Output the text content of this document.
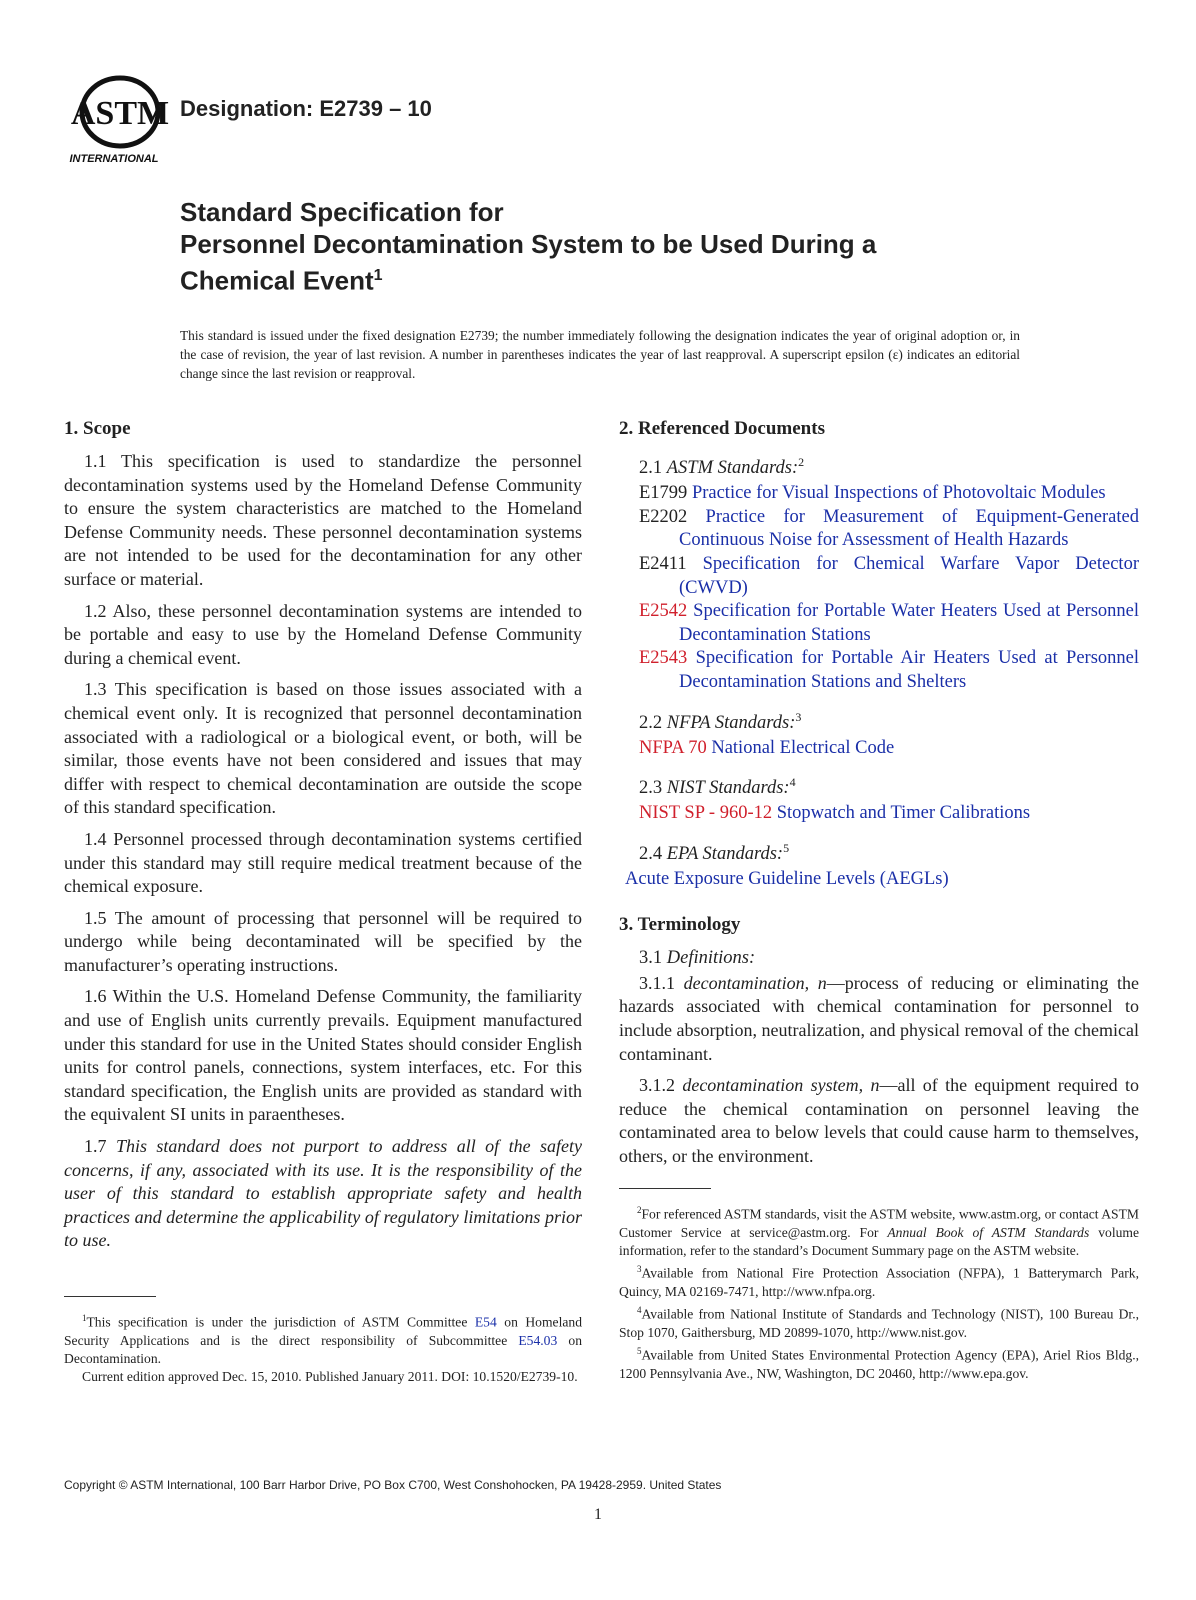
ASTM
INTERNATIONAL
Designation: E2739 – 10
Standard Specification for
Personnel Decontamination System to be Used During a
Chemical Event$^1$
This standard is issued under the fixed designation E2739; the number immediately following the designation indicates the year of original adoption or, in the case of revision, the year of last revision. A number in parentheses indicates the year of last reapproval. A superscript epsilon (ε) indicates an editorial change since the last revision or reapproval.
1. Scope

1.1 This specification is used to standardize the personnel decontamination systems used by the Homeland Defense Community to ensure the system characteristics are matched to the Homeland Defense Community needs. These personnel decontamination systems are not intended to be used for the decontamination for any other surface or material.

1.2 Also, these personnel decontamination systems are intended to be portable and easy to use by the Homeland Defense Community during a chemical event.

1.3 This specification is based on those issues associated with a chemical event only. It is recognized that personnel decontamination associated with a radiological or a biological event, or both, will be similar, those events have not been considered and issues that may differ with respect to chemical decontamination are outside the scope of this standard specification.

1.4 Personnel processed through decontamination systems certified under this standard may still require medical treatment because of the chemical exposure.

1.5 The amount of processing that personnel will be required to undergo while being decontaminated will be specified by the manufacturer’s operating instructions.

1.6 Within the U.S. Homeland Defense Community, the familiarity and use of English units currently prevails. Equipment manufactured under this standard for use in the United States should consider English units for control panels, connections, system interfaces, etc. For this standard specification, the English units are provided as standard with the equivalent SI units in paraentheses.

1.7 This standard does not purport to address all of the safety concerns, if any, associated with its use. It is the responsibility of the user of this standard to establish appropriate safety and health practices and determine the applicability of regulatory limitations prior to use.

$^1$This specification is under the jurisdiction of ASTM Committee E54 on Homeland Security Applications and is the direct responsibility of Subcommittee E54.03 on Decontamination.

Current edition approved Dec. 15, 2010. Published January 2011. DOI: 10.1520/E2739-10.

2. Referenced Documents
2.1 ASTM Standards:$^2$
E1799 Practice for Visual Inspections of Photovoltaic Modules
E2202 Practice for Measurement of Equipment-Generated Continuous Noise for Assessment of Health Hazards
E2411 Specification for Chemical Warfare Vapor Detector (CWVD)
E2542 Specification for Portable Water Heaters Used at Personnel Decontamination Stations
E2543 Specification for Portable Air Heaters Used at Personnel Decontamination Stations and Shelters
2.2 NFPA Standards:$^3$
NFPA 70 National Electrical Code
2.3 NIST Standards:$^4$
NIST SP - 960-12 Stopwatch and Timer Calibrations
2.4 EPA Standards:$^5$
Acute Exposure Guideline Levels (AEGLs)
3. Terminology
3.1 Definitions:

3.1.1 decontamination, n—process of reducing or eliminating the hazards associated with chemical contamination for personnel to include absorption, neutralization, and physical removal of the chemical contaminant.

3.1.2 decontamination system, n—all of the equipment required to reduce the chemical contamination on personnel leaving the contaminated area to below levels that could cause harm to themselves, others, or the environment.

$^2$For referenced ASTM standards, visit the ASTM website, www.astm.org, or contact ASTM Customer Service at service@astm.org. For Annual Book of ASTM Standards volume information, refer to the standard’s Document Summary page on the ASTM website.

$^3$Available from National Fire Protection Association (NFPA), 1 Batterymarch Park, Quincy, MA 02169-7471, http://www.nfpa.org.

$^4$Available from National Institute of Standards and Technology (NIST), 100 Bureau Dr., Stop 1070, Gaithersburg, MD 20899-1070, http://www.nist.gov.

$^5$Available from United States Environmental Protection Agency (EPA), Ariel Rios Bldg., 1200 Pennsylvania Ave., NW, Washington, DC 20460, http://www.epa.gov.

Copyright © ASTM International, 100 Barr Harbor Drive, PO Box C700, West Conshohocken, PA 19428-2959. United States
1
